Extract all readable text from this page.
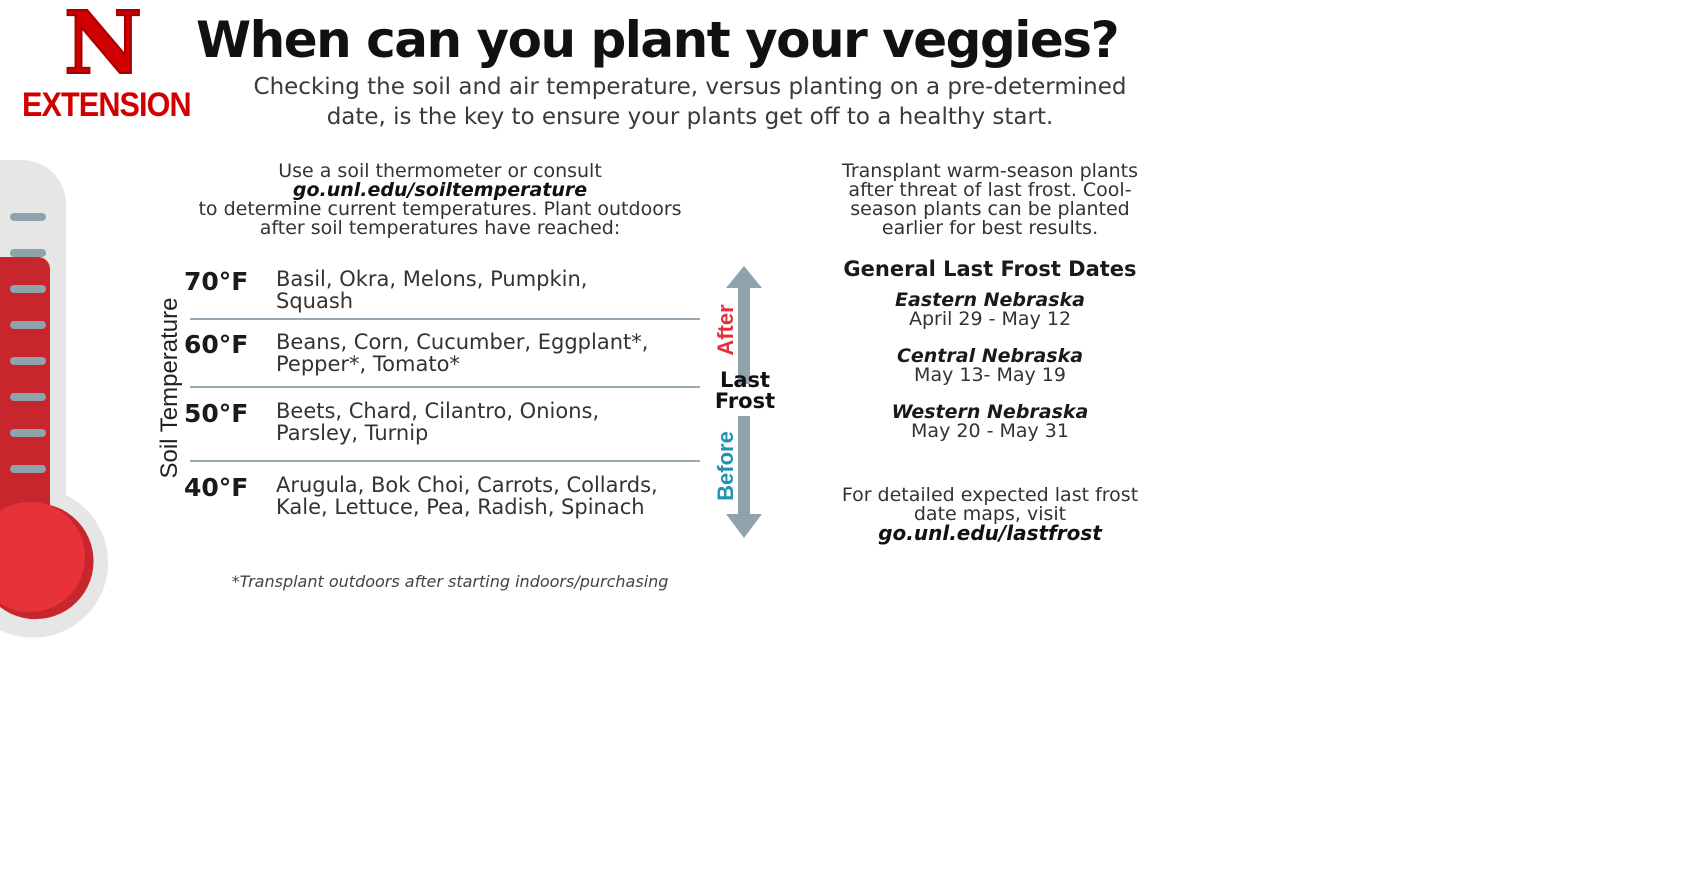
N
EXTENSION
When can you plant your veggies?
Checking the soil and air temperature, versus planting on a pre-determined
date, is the key to ensure your plants get off to a healthy start.
Use a soil thermometer or consult
go.unl.edu/soiltemperature
to determine current temperatures. Plant outdoors
after soil temperatures have reached:
Soil Temperature
70°F	Basil, Okra, Melons, Pumpkin,
Squash
60°F	Beans, Corn, Cucumber, Eggplant*,
Pepper*, Tomato*
50°F	Beets, Chard, Cilantro, Onions,
Parsley, Turnip
40°F	Arugula, Bok Choi, Carrots, Collards,
Kale, Lettuce, Pea, Radish, Spinach
*Transplant outdoors after starting indoors/purchasing
After
Before
Last
Frost
Transplant warm-season plants
after threat of last frost. Cool-
season plants can be planted
earlier for best results.
General Last Frost Dates
Eastern Nebraska
April 29 - May 12
Central Nebraska
May 13- May 19
Western Nebraska
May 20 - May 31
For detailed expected last frost
date maps, visit
go.unl.edu/lastfrost
